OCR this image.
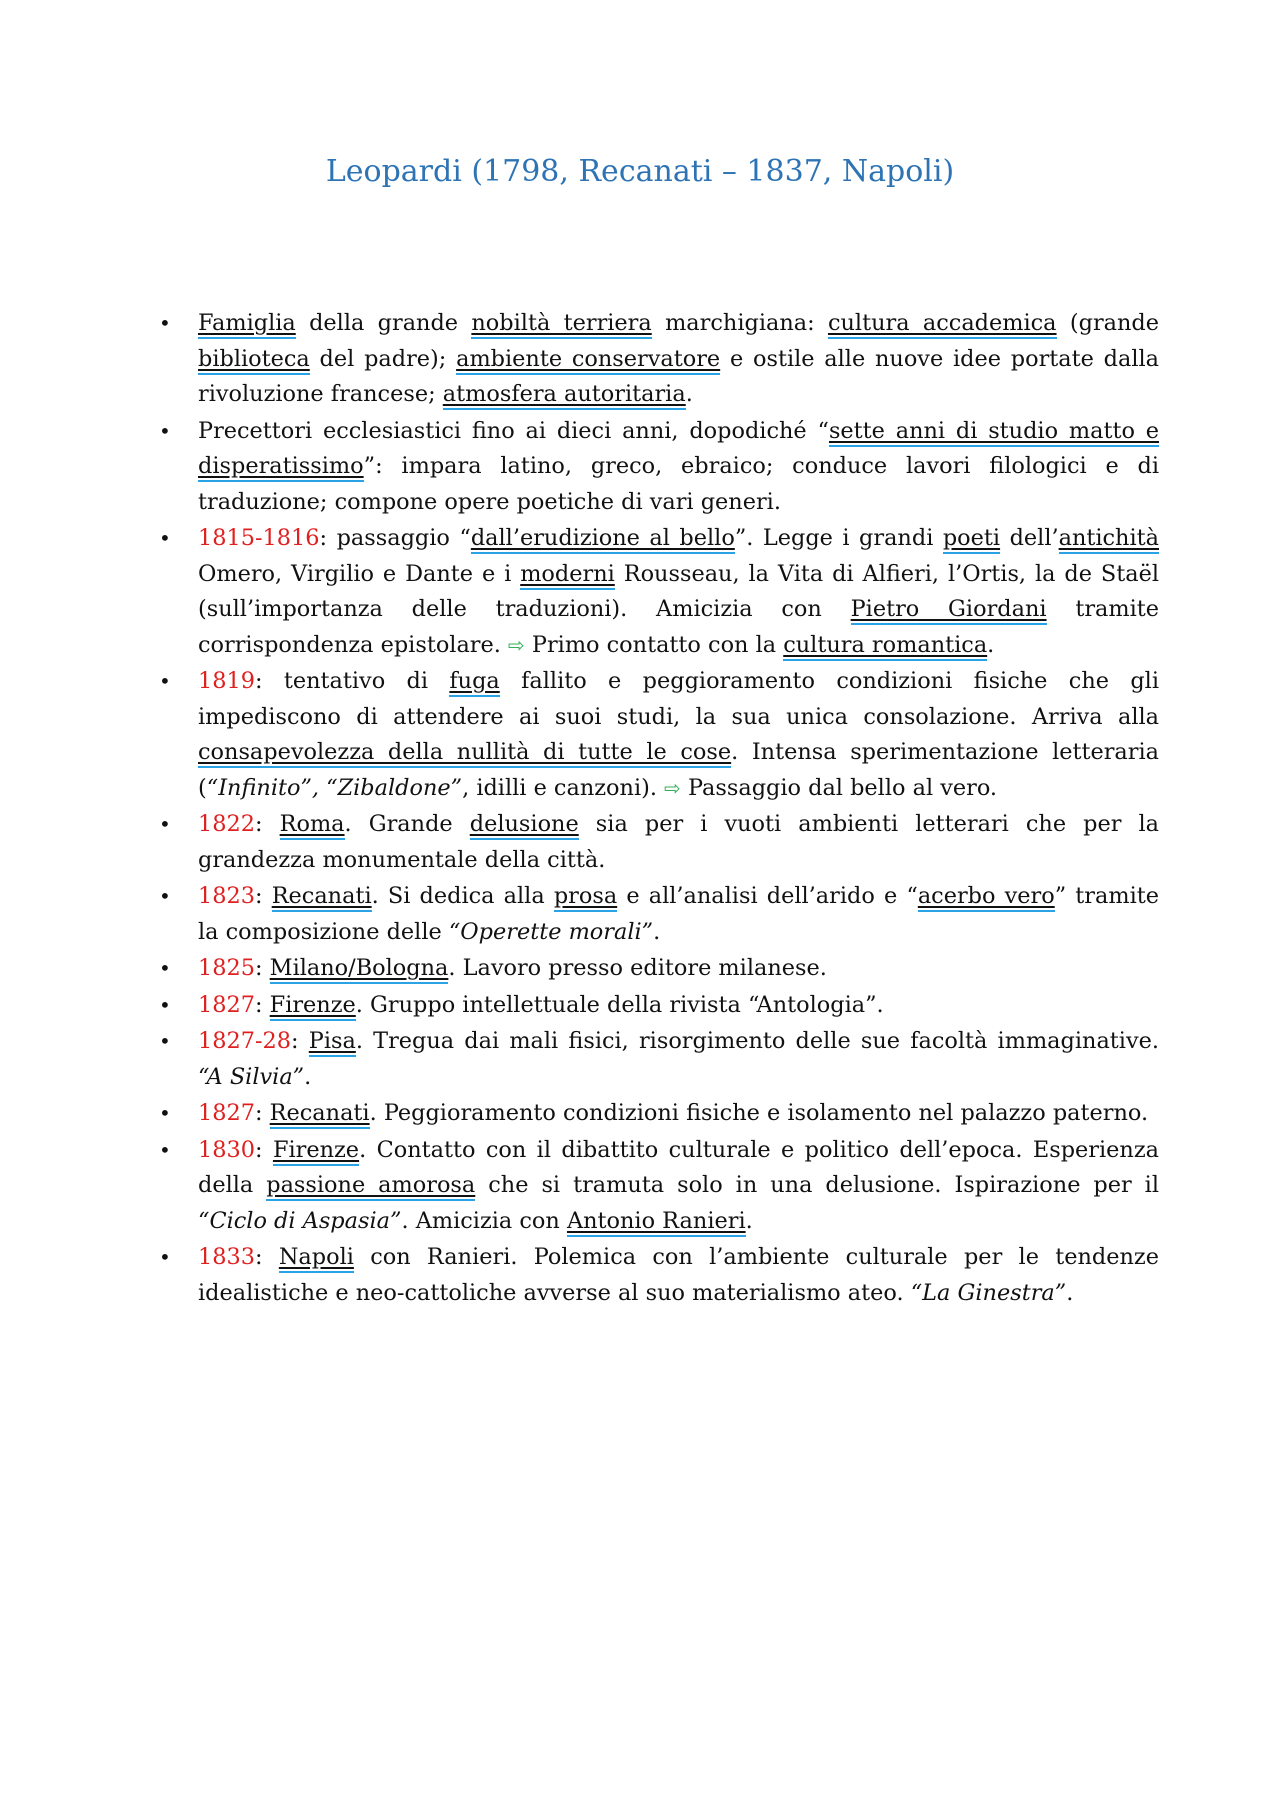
Leopardi (1798, Recanati – 1837, Napoli)
• Famiglia della grande nobiltà terriera marchigiana: cultura accademica (grande biblioteca del padre); ambiente conservatore e ostile alle nuove idee portate dalla rivoluzione francese; atmosfera autoritaria.
• Precettori ecclesiastici fino ai dieci anni, dopodiché “sette anni di studio matto e disperatissimo”: impara latino, greco, ebraico; conduce lavori filologici e di traduzione; compone opere poetiche di vari generi.
• 1815-1816: passaggio “dall’erudizione al bello”. Legge i grandi poeti dell’antichità Omero, Virgilio e Dante e i moderni Rousseau, la Vita di Alfieri, l’Ortis, la de Staël (sull’importanza delle traduzioni). Amicizia con Pietro Giordani tramite corrispondenza epistolare. ⇨ Primo contatto con la cultura romantica.
• 1819: tentativo di fuga fallito e peggioramento condizioni fisiche che gli impediscono di attendere ai suoi studi, la sua unica consolazione. Arriva alla consapevolezza della nullità di tutte le cose. Intensa sperimentazione letteraria (“Infinito”, “Zibaldone”, idilli e canzoni). ⇨ Passaggio dal bello al vero.
• 1822: Roma. Grande delusione sia per i vuoti ambienti letterari che per la grandezza monumentale della città.
• 1823: Recanati. Si dedica alla prosa e all’analisi dell’arido e “acerbo vero” tramite la composizione delle “Operette morali”.
• 1825: Milano/Bologna. Lavoro presso editore milanese.
• 1827: Firenze. Gruppo intellettuale della rivista “Antologia”.
• 1827-28: Pisa. Tregua dai mali fisici, risorgimento delle sue facoltà immaginative. “A Silvia”.
• 1827: Recanati. Peggioramento condizioni fisiche e isolamento nel palazzo paterno.
• 1830: Firenze. Contatto con il dibattito culturale e politico dell’epoca. Esperienza della passione amorosa che si tramuta solo in una delusione. Ispirazione per il “Ciclo di Aspasia”. Amicizia con Antonio Ranieri.
• 1833: Napoli con Ranieri. Polemica con l’ambiente culturale per le tendenze idealistiche e neo-cattoliche avverse al suo materialismo ateo. “La Ginestra”.
